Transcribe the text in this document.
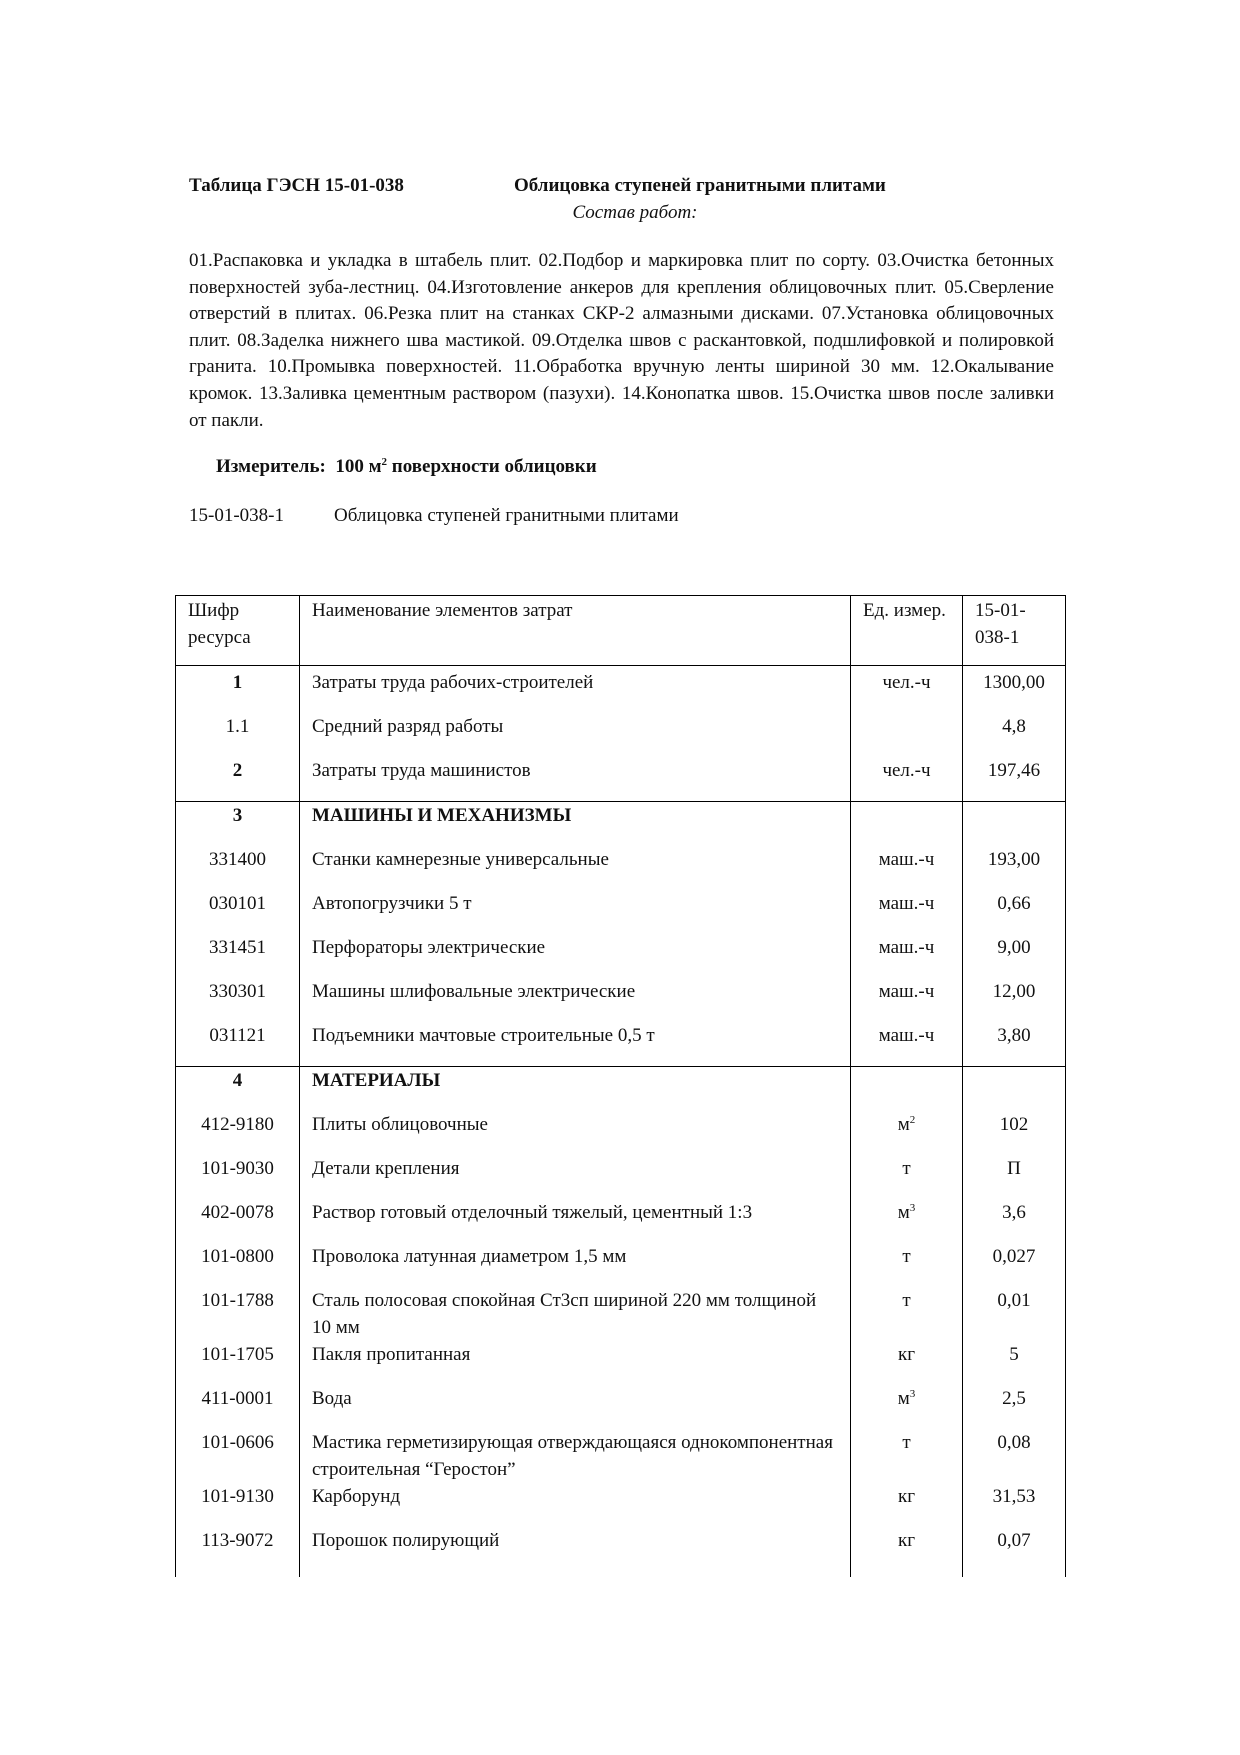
Таблица ГЭСН 15-01-038	Облицовка ступеней гранитными плитами
Состав работ:
01.Распаковка и укладка в штабель плит. 02.Подбор и маркировка плит по сорту. 03.Очистка бетонных поверхностей зуба-лестниц. 04.Изготовление анкеров для крепления облицовочных плит. 05.Сверление отверстий в плитах. 06.Резка плит на станках СКР-2 алмазными дисками. 07.Установка облицовочных плит. 08.Заделка нижнего шва мастикой. 09.Отделка швов с раскантовкой, подшлифовкой и полировкой гранита. 10.Промывка поверхностей. 11.Обработка вручную ленты шириной 30 мм. 12.Окалывание кромок. 13.Заливка цементным раствором (пазухи). 14.Конопатка швов. 15.Очистка швов после заливки от пакли.
Измеритель: 100 $м^2$ поверхности облицовки
15-01-038-1	Облицовка ступеней гранитными плитами
Шифр ресурса	Наименование элементов затрат	Ед. измер.	15-01-038-1
1	Затраты труда рабочих-строителей	чел.-ч	1300,00
1.1	Средний разряд работы		4,8
2	Затраты труда машинистов	чел.-ч	197,46
3	МАШИНЫ И МЕХАНИЗМЫ		
331400	Станки камнерезные универсальные	маш.-ч	193,00
030101	Автопогрузчики 5 т	маш.-ч	0,66
331451	Перфораторы электрические	маш.-ч	9,00
330301	Машины шлифовальные электрические	маш.-ч	12,00
031121	Подъемники мачтовые строительные 0,5 т	маш.-ч	3,80
4	МАТЕРИАЛЫ		
412-9180	Плиты облицовочные	$м^2$	102
101-9030	Детали крепления	т	П
402-0078	Раствор готовый отделочный тяжелый, цементный 1:3	$м^3$	3,6
101-0800	Проволока латунная диаметром 1,5 мм	т	0,027
101-1788	Сталь полосовая спокойная Ст3сп шириной 220 мм толщиной 10 мм	т	0,01
101-1705	Пакля пропитанная	кг	5
411-0001	Вода	$м^3$	2,5
101-0606	Мастика герметизирующая отверждающаяся однокомпонентная строительная “Геростон”	т	0,08
101-9130	Карборунд	кг	31,53
113-9072	Порошок полирующий	кг	0,07
